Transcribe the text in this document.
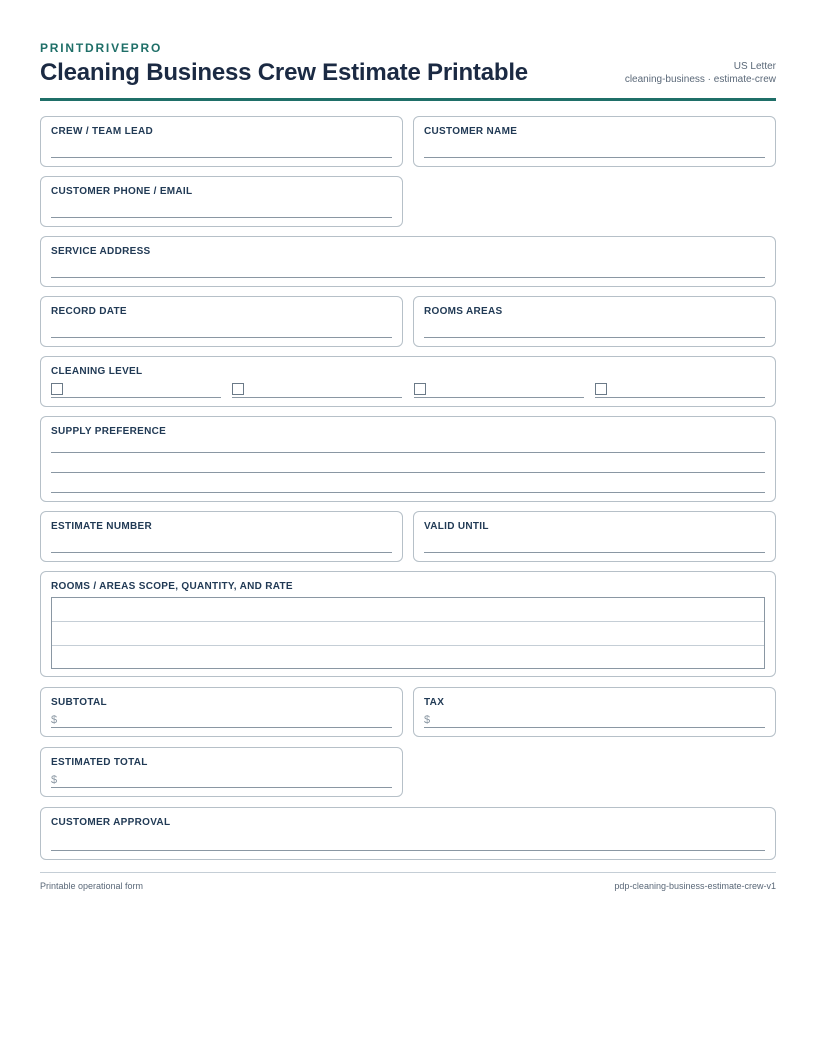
PRINTDRIVEPRO
Cleaning Business Crew Estimate Printable	US Letter
cleaning-business · estimate-crew
CREW / TEAM LEAD	CUSTOMER NAME
CUSTOMER PHONE / EMAIL
SERVICE ADDRESS
RECORD DATE	ROOMS AREAS
CLEANING LEVEL
SUPPLY PREFERENCE
ESTIMATE NUMBER	VALID UNTIL
ROOMS / AREAS SCOPE, QUANTITY, AND RATE
SUBTOTAL
$
TAX
$
ESTIMATED TOTAL
$
CUSTOMER APPROVAL
Printable operational form	pdp-cleaning-business-estimate-crew-v1
